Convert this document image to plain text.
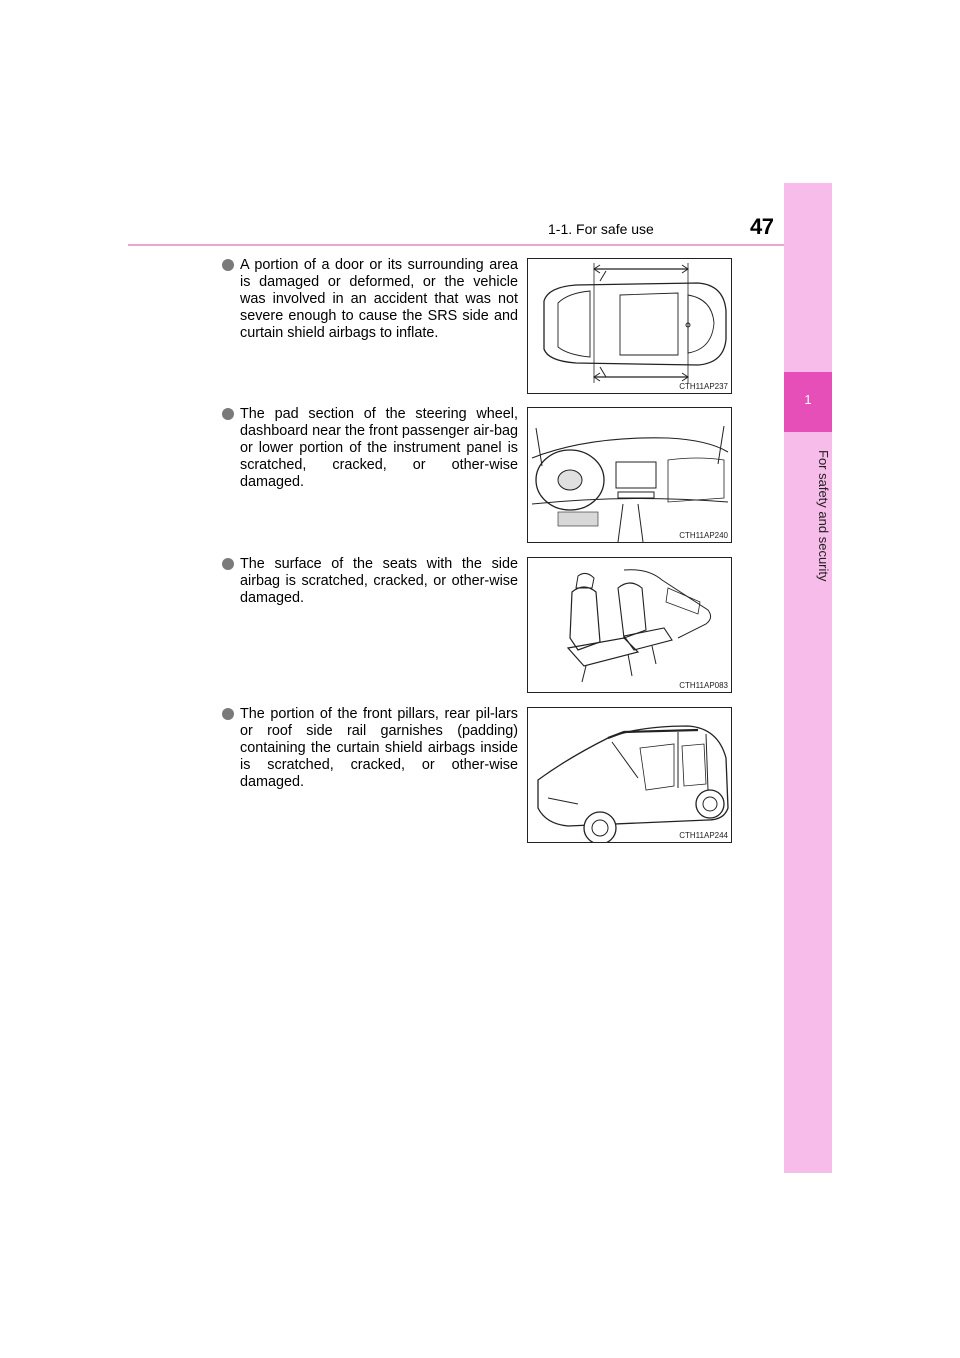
1-1. For safe use	47
1
For safety and security
A portion of a door or its surrounding area is damaged or deformed, or the vehicle was involved in an accident that was not severe enough to cause the SRS side and curtain shield airbags to inflate.
CTH11AP237
The pad section of the steering wheel, dashboard near the front passenger air-bag or lower portion of the instrument panel is scratched, cracked, or other-wise damaged.
CTH11AP240
The surface of the seats with the side airbag is scratched, cracked, or other-wise damaged.
CTH11AP083
The portion of the front pillars, rear pil-lars or roof side rail garnishes (padding) containing the curtain shield airbags inside is scratched, cracked, or other-wise damaged.
CTH11AP244
